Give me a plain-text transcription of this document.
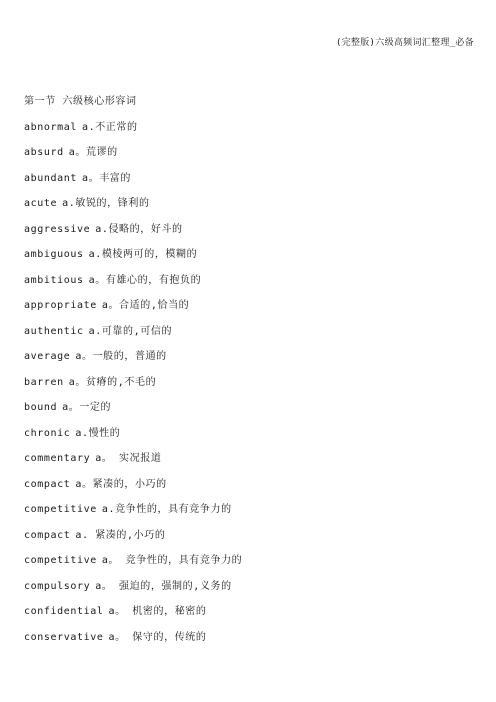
(完整版)六级高频词汇整理_必备
第一节 六级核心形容词
abnormal a.不正常的
absurd a。荒谬的
abundant a。丰富的
acute a.敏锐的，锋利的
aggressive a.侵略的，好斗的
ambiguous a.模棱两可的，模糊的
ambitious a。有雄心的，有抱负的
appropriate a。合适的,恰当的
authentic a.可靠的,可信的
average a。一般的，普通的
barren a。贫瘠的,不毛的
bound a。一定的
chronic a.慢性的
commentary a。 实况报道
compact a。紧凑的，小巧的
competitive a.竞争性的，具有竞争力的
compact a. 紧凑的,小巧的
competitive a。 竞争性的，具有竞争力的
compulsory a。 强迫的，强制的,义务的
confidential a。 机密的，秘密的
conservative a。 保守的，传统的
